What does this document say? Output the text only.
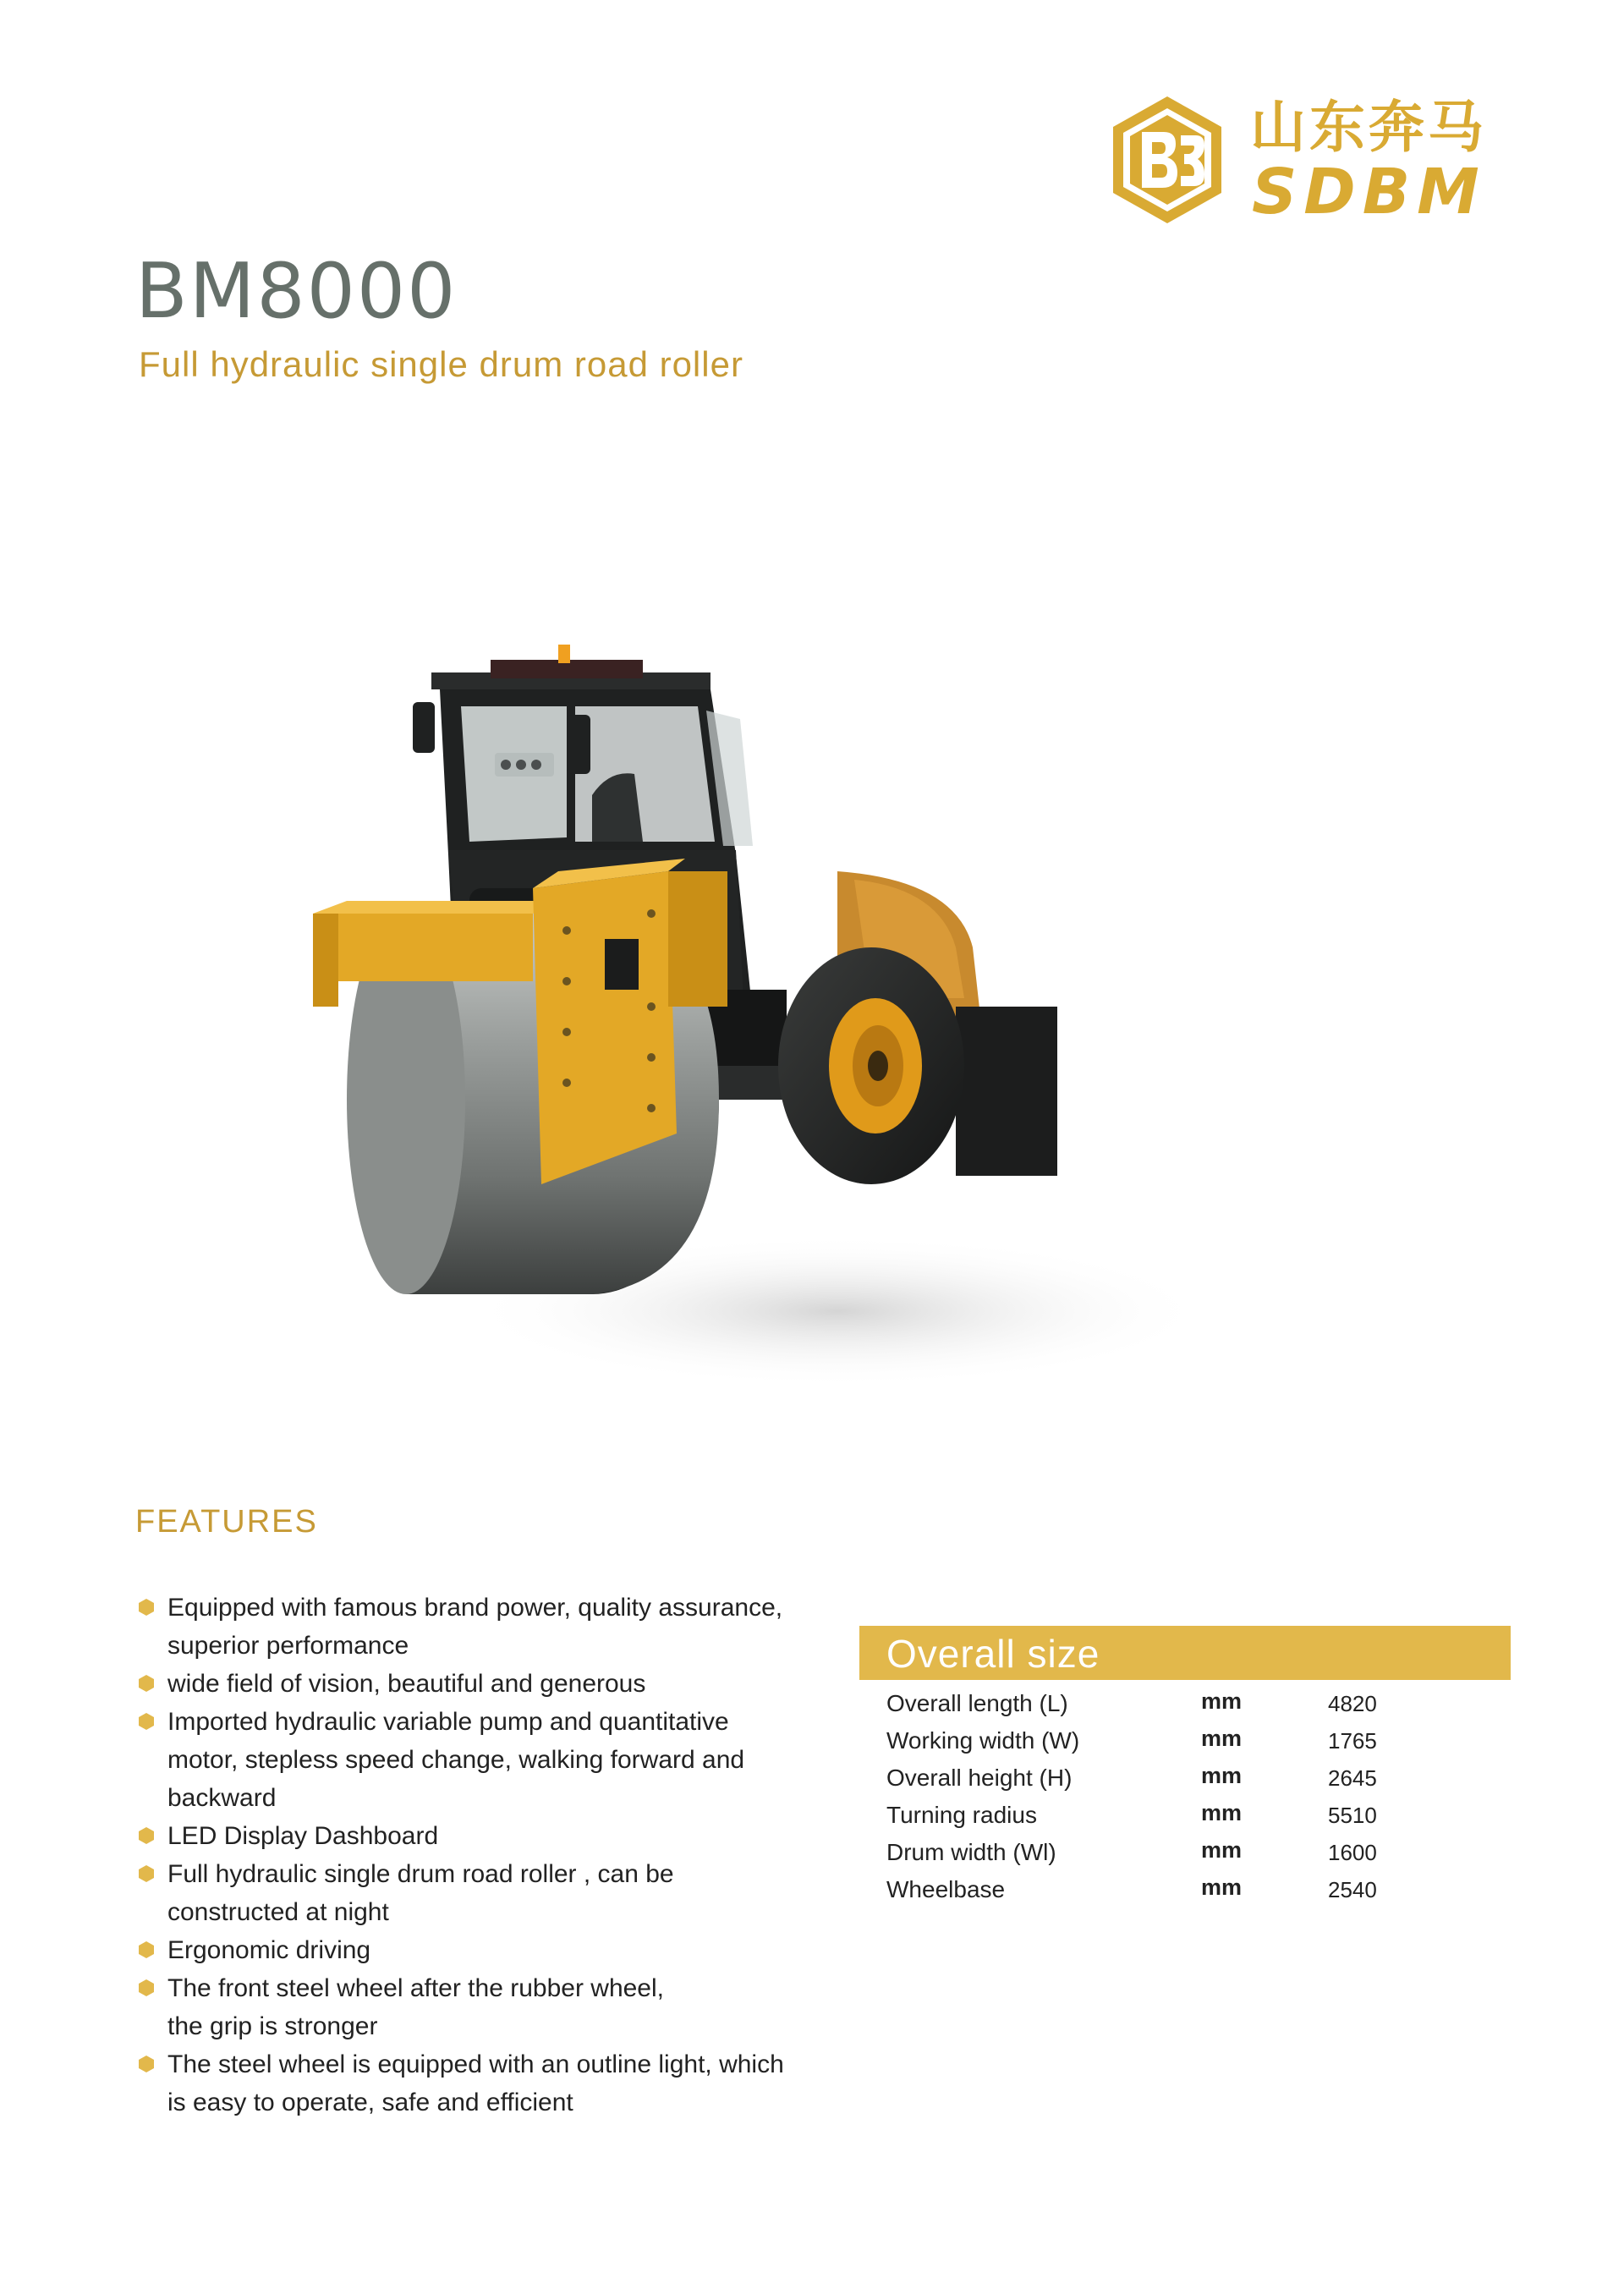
山东奔马
SDBM
BM8000
Full hydraulic single drum road roller
FEATURES
Equipped with famous brand power, quality assurance,
superior performance
wide field of vision, beautiful and generous
Imported hydraulic variable pump and quantitative
motor, stepless speed change, walking forward and
backward
LED Display Dashboard
Full hydraulic single drum road roller , can be
constructed at night
Ergonomic driving
The front steel wheel after the rubber wheel,
the grip is stronger
The steel wheel is equipped with an outline light, which
is easy to operate, safe and efficient
Overall size
Overall length (L)	mm	4820
Working width (W)	mm	1765
Overall height (H)	mm	2645
Turning radius	mm	5510
Drum width (Wl)	mm	1600
Wheelbase	mm	2540
